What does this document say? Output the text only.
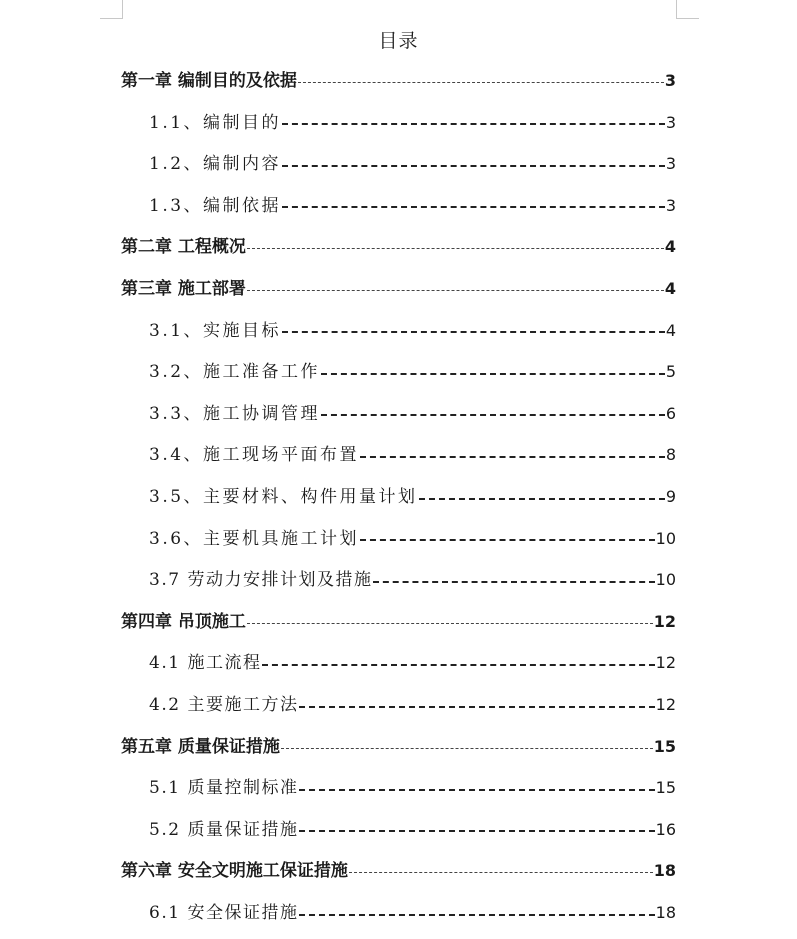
目录
第一章 编制目的及依据	3
1.1、编制目的	3
1.2、编制内容	3
1.3、编制依据	3
第二章 工程概况	4
第三章 施工部署	4
3.1、实施目标	4
3.2、施工准备工作	5
3.3、施工协调管理	6
3.4、施工现场平面布置	8
3.5、主要材料、构件用量计划	9
3.6、主要机具施工计划	10
3.7 劳动力安排计划及措施	10
第四章 吊顶施工	12
4.1 施工流程	12
4.2 主要施工方法	12
第五章 质量保证措施	15
5.1 质量控制标准	15
5.2 质量保证措施	16
第六章 安全文明施工保证措施	18
6.1 安全保证措施	18
